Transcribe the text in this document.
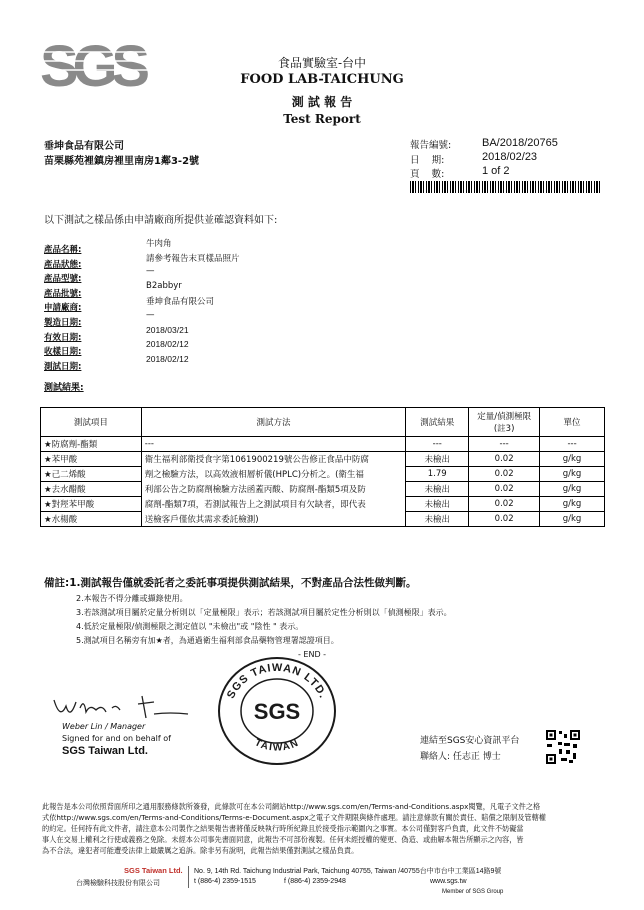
SGS	食品實驗室-台中
FOOD LAB-TAICHUNG
測 試 報 告
Test Report
垂坤食品有限公司
苗栗縣苑裡鎮房裡里南房1鄰3-2號
報告編號:	BA/2018/20765
日    期:	2018/02/23
頁    數:	1 of 2
以下測試之樣品係由申請廠商所提供並確認資料如下:
產品名稱:
牛肉角
產品狀態:
請參考報告末頁樣品照片
產品型號:
—
產品批號:
B2abbyr
申請廠商:
垂坤食品有限公司
製造日期:
—
有效日期:
2018/03/21
收樣日期:
2018/02/12
測試日期:
2018/02/12
測試結果:
測試項目	測試方法	測試結果	定量/偵測極限(註3)	單位
★防腐劑-酯類	---	---	---	---
★苯甲酸	衛生福利部衛授食字第1061900219號公告修正食品中防腐	未檢出	0.02	g/kg
★己二烯酸	劑之檢驗方法，以高效液相層析儀(HPLC)分析之。(衛生福	1.79	0.02	g/kg
★去水醋酸	利部公告之防腐劑檢驗方法函蓋丙酸、防腐劑-酯類5項及防	未檢出	0.02	g/kg
★對羥苯甲酸	腐劑-酯類7項，若測試報告上之測試項目有欠缺者，即代表	未檢出	0.02	g/kg
★水楊酸	送檢客戶僅依其需求委託檢測)	未檢出	0.02	g/kg
備註:1.測試報告僅就委託者之委託事項提供測試結果，不對產品合法性做判斷。
2.本報告不得分離或擷錄使用。
3.若該測試項目屬於定量分析則以「定量極限」表示；若該測試項目屬於定性分析則以「偵測極限」表示。
4.低於定量極限/偵測極限之測定值以 "未檢出"或 "陰性 " 表示。
5.測試項目名稱旁有加★者，為通過衛生福利部食品藥物管理署認證項目。
- END -
Weber Lin / Manager
Signed for and on behalf of
SGS Taiwan Ltd.
SGS TAIWAN LTD.
SGS
TAIWAN	連結至SGS安心資訊平台
聯絡人: 任志正 博士
此報告是本公司依照背面所印之通用服務條款所簽發，此條款可在本公司網站http://www.sgs.com/en/Terms-and-Conditions.aspx閱覽，凡電子文件之格
式依http://www.sgs.com/en/Terms-and-Conditions/Terms-e-Document.aspx之電子文件期限與條件處理。請注意條款有關於責任、賠償之限制及管轄權
的約定。任何持有此文件者，請注意本公司製作之結果報告書將僅反映執行時所紀錄且於接受指示範圍內之事實。本公司僅對客戶負責，此文件不妨礙當
事人在交易上權利之行使或義務之免除。未經本公司事先書面同意，此報告不可部份複製。任何未經授權的變更、偽造、或曲解本報告所顯示之內容，皆
為不合法，違犯者可能遭受法律上最嚴厲之追訴。除非另有說明，此報告結果僅對測試之樣品負責。
SGS Taiwan Ltd.
台灣檢驗科技股份有限公司
No. 9, 14th Rd. Taichung Industrial Park, Taichung 40755, Taiwan /40755台中市台中工業區14路9號
t (886-4) 2359-1515	f (886-4) 2359-2948	www.sgs.tw
Member of SGS Group
